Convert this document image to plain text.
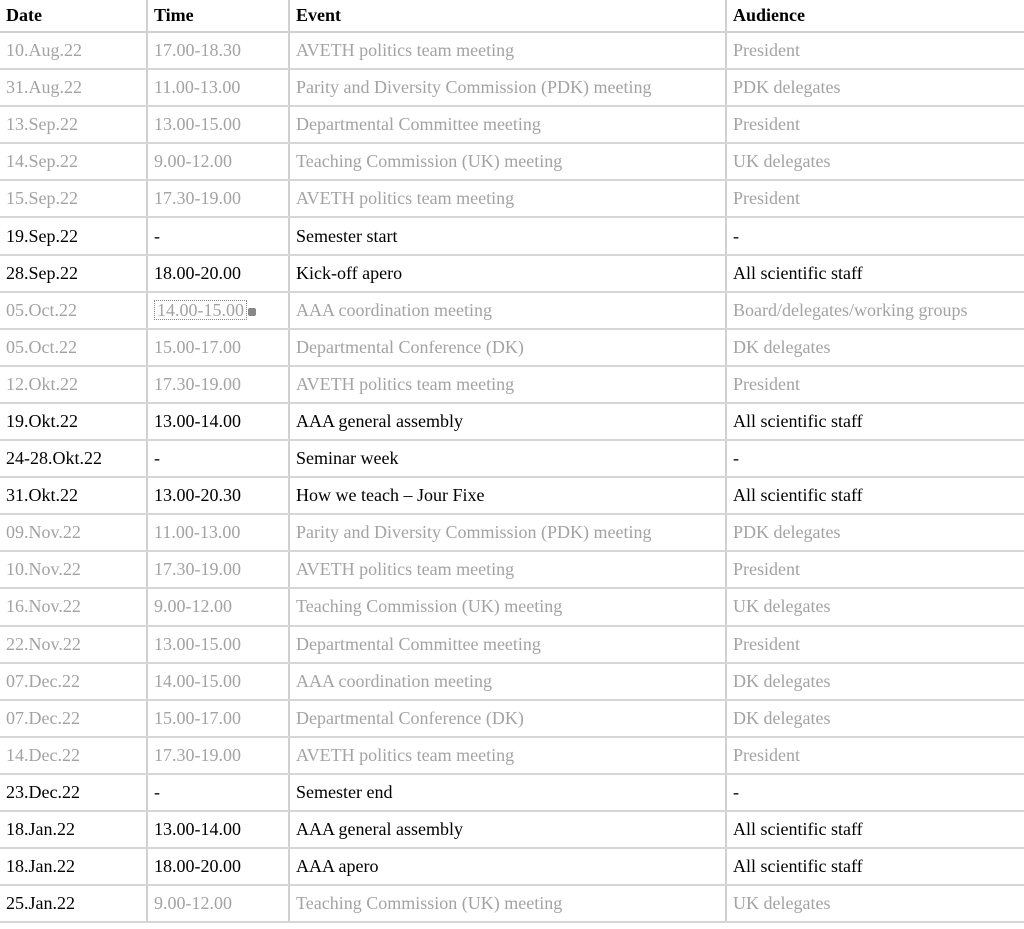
Date	Time	Event	Audience
10.Aug.22	17.00-18.30	AVETH politics team meeting	President
31.Aug.22	11.00-13.00	Parity and Diversity Commission (PDK) meeting	PDK delegates
13.Sep.22	13.00-15.00	Departmental Committee meeting	President
14.Sep.22	9.00-12.00	Teaching Commission (UK) meeting	UK delegates
15.Sep.22	17.30-19.00	AVETH politics team meeting	President
19.Sep.22	-	Semester start	-
28.Sep.22	18.00-20.00	Kick-off apero	All scientific staff
05.Oct.22	14.00-15.00	AAA coordination meeting	Board/delegates/working groups
05.Oct.22	15.00-17.00	Departmental Conference (DK)	DK delegates
12.Okt.22	17.30-19.00	AVETH politics team meeting	President
19.Okt.22	13.00-14.00	AAA general assembly	All scientific staff
24-28.Okt.22	-	Seminar week	-
31.Okt.22	13.00-20.30	How we teach – Jour Fixe	All scientific staff
09.Nov.22	11.00-13.00	Parity and Diversity Commission (PDK) meeting	PDK delegates
10.Nov.22	17.30-19.00	AVETH politics team meeting	President
16.Nov.22	9.00-12.00	Teaching Commission (UK) meeting	UK delegates
22.Nov.22	13.00-15.00	Departmental Committee meeting	President
07.Dec.22	14.00-15.00	AAA coordination meeting	DK delegates
07.Dec.22	15.00-17.00	Departmental Conference (DK)	DK delegates
14.Dec.22	17.30-19.00	AVETH politics team meeting	President
23.Dec.22	-	Semester end	-
18.Jan.22	13.00-14.00	AAA general assembly	All scientific staff
18.Jan.22	18.00-20.00	AAA apero	All scientific staff
25.Jan.22	9.00-12.00	Teaching Commission (UK) meeting	UK delegates
